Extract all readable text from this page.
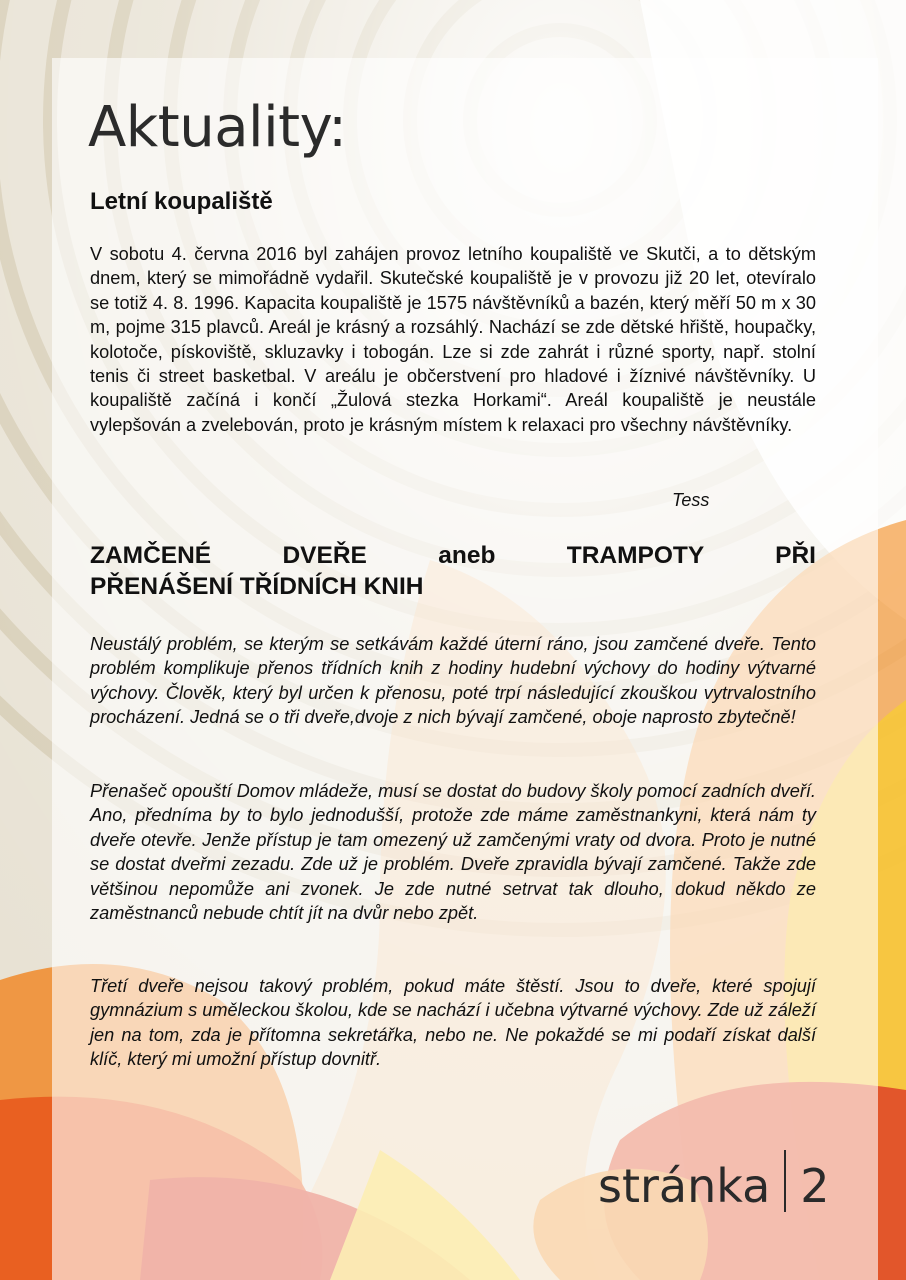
Aktuality:
Letní koupaliště

V sobotu 4. června 2016 byl zahájen provoz letního koupaliště ve Skutči, a to dětským dnem, který se mimořádně vydařil. Skutečské koupaliště je v provozu již 20 let, otevíralo se totiž 4. 8. 1996. Kapacita koupaliště je 1575 návštěvníků a bazén, který měří 50 m x 30 m, pojme 315 plavců. Areál je krásný a rozsáhlý. Nachází se zde dětské hřiště, houpačky, kolotoče, pískoviště, skluzavky i tobogán. Lze si zde zahrát i různé sporty, např. stolní tenis či street basketbal. V areálu je občerstvení pro hladové i žíznivé návštěvníky. U koupaliště začíná i končí „Žulová stezka Horkami“. Areál koupaliště je neustále vylepšován a zvelebován, proto je krásným místem k relaxaci pro všechny návštěvníky.

Tess
ZAMČENÉ DVEŘE aneb TRAMPOTY PŘI
PŘENÁŠENÍ TŘÍDNÍCH KNIH

Neustálý problém, se kterým se setkávám každé úterní ráno, jsou zamčené dveře. Tento problém komplikuje přenos třídních knih z hodiny hudební výchovy do hodiny výtvarné výchovy. Člověk, který byl určen k přenosu, poté trpí následující zkouškou vytrvalostního procházení. Jedná se o tři dveře,dvoje z nich bývají zamčené, oboje naprosto zbytečně!

Přenašeč opouští Domov mládeže, musí se dostat do budovy školy pomocí zadních dveří. Ano, předníma by to bylo jednodušší, protože zde máme zaměstnankyni, která nám ty dveře otevře. Jenže přístup je tam omezený už zamčenými vraty od dvora. Proto je nutné se dostat dveřmi zezadu. Zde už je problém. Dveře zpravidla bývají zamčené. Takže zde většinou nepomůže ani zvonek. Je zde nutné setrvat tak dlouho, dokud někdo ze zaměstnanců nebude chtít jít na dvůr nebo zpět.

Třetí dveře nejsou takový problém, pokud máte štěstí. Jsou to dveře, které spojují gymnázium s uměleckou školou, kde se nachází i učebna výtvarné výchovy. Zde už záleží jen na tom, zda je přítomna sekretářka, nebo ne. Ne pokaždé se mi podaří získat další klíč, který mi umožní přístup dovnitř.

stránka 2
